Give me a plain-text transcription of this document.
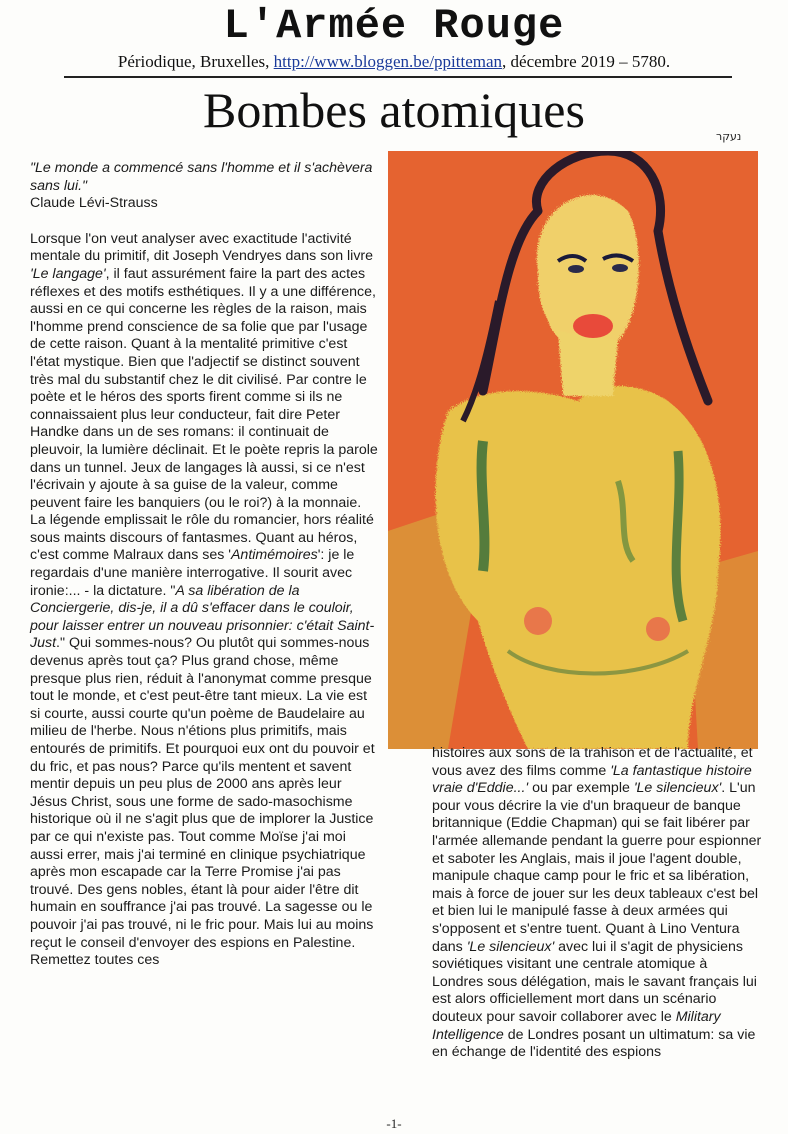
L'Armée Rouge
Périodique, Bruxelles, http://www.bloggen.be/ppitteman, décembre 2019 – 5780.
Bombes atomiques	נעקר
"Le monde a commencé sans l'homme et il s'achèvera sans lui."
Claude Lévi-Strauss

Lorsque l'on veut analyser avec exactitude l'activité mentale du primitif, dit Joseph Vendryes dans son livre 'Le langage', il faut assurément faire la part des actes réflexes et des motifs esthétiques. Il y a une différence, aussi en ce qui concerne les règles de la raison, mais l'homme prend conscience de sa folie que par l'usage de cette raison. Quant à la mentalité primitive c'est l'état mystique. Bien que l'adjectif se distinct souvent très mal du substantif chez le dit civilisé. Par contre le poète et le héros des sports firent comme si ils ne connaissaient plus leur conducteur, fait dire Peter Handke dans un de ses romans: il continuait de pleuvoir, la lumière déclinait. Et le poète repris la parole dans un tunnel. Jeux de langages là aussi, si ce n'est l'écrivain y ajoute à sa guise de la valeur, comme peuvent faire les banquiers (ou le roi?) à la monnaie. La légende emplissait le rôle du romancier, hors réalité sous maints discours of fantasmes. Quant au héros, c'est comme Malraux dans ses 'Antimémoires': je le regardais d'une manière interrogative. Il sourit avec ironie:... - la dictature. "A sa libération de la Conciergerie, dis-je, il a dû s'effacer dans le couloir, pour laisser entrer un nouveau prisonnier: c'était Saint-Just." Qui sommes-nous? Ou plutôt qui sommes-nous devenus après tout ça? Plus grand chose, même presque plus rien, réduit à l'anonymat comme presque tout le monde, et c'est peut-être tant mieux. La vie est si courte, aussi courte qu'un poème de Baudelaire au milieu de l'herbe. Nous n'étions plus primitifs, mais entourés de primitifs. Et pourquoi eux ont du pouvoir et du fric, et pas nous? Parce qu'ils mentent et savent mentir depuis un peu plus de 2000 ans après leur Jésus Christ, sous une forme de sado-masochisme historique où il ne s'agit plus que de implorer la Justice par ce qui n'existe pas. Tout comme Moïse j'ai moi aussi errer, mais j'ai terminé en clinique psychiatrique après mon escapade car la Terre Promise j'ai pas trouvé. Des gens nobles, étant là pour aider l'être dit humain en souffrance j'ai pas trouvé. La sagesse ou le pouvoir j'ai pas trouvé, ni le fric pour. Mais lui au moins reçut le conseil d'envoyer des espions en Palestine. Remettez toutes ces

histoires aux sons de la trahison et de l'actualité, et vous avez des films comme 'La fantastique histoire vraie d'Eddie...' ou par exemple 'Le silencieux'. L'un pour vous décrire la vie d'un braqueur de banque britannique (Eddie Chapman) qui se fait libérer par l'armée allemande pendant la guerre pour espionner et saboter les Anglais, mais il joue l'agent double, manipule chaque camp pour le fric et sa libération, mais à force de jouer sur les deux tableaux c'est bel et bien lui le manipulé fasse à deux armées qui s'opposent et s'entre tuent. Quant à Lino Ventura dans 'Le silencieux' avec lui il s'agit de physiciens soviétiques visitant une centrale atomique à Londres sous délégation, mais le savant français lui est alors officiellement mort dans un scénario douteux pour savoir collaborer avec le Military Intelligence de Londres posant un ultimatum: sa vie en échange de l'identité des espions

-1-
